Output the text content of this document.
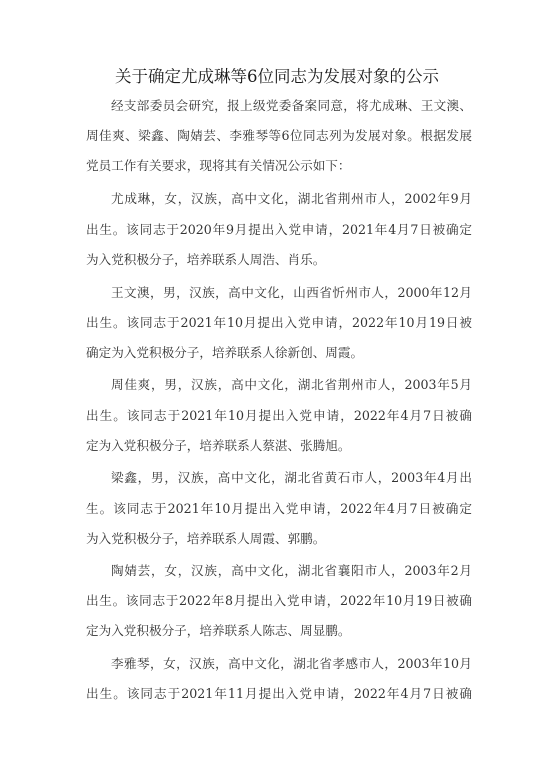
关于确定尤成琳等6位同志为发展对象的公示
经支部委员会研究，报上级党委备案同意，将尤成琳、王文澳、
周佳爽、梁鑫、陶婧芸、李雅琴等6位同志列为发展对象。根据发展
党员工作有关要求，现将其有关情况公示如下：
尤成琳，女，汉族，高中文化，湖北省荆州市人，2002年9月
出生。该同志于2020年9月提出入党申请，2021年4月7日被确定
为入党积极分子，培养联系人周浩、肖乐。
王文澳，男，汉族，高中文化，山西省忻州市人，2000年12月
出生。该同志于2021年10月提出入党申请，2022年10月19日被
确定为入党积极分子，培养联系人徐新创、周霞。
周佳爽，男，汉族，高中文化，湖北省荆州市人，2003年5月
出生。该同志于2021年10月提出入党申请，2022年4月7日被确
定为入党积极分子，培养联系人蔡湛、张腾旭。
梁鑫，男，汉族，高中文化，湖北省黄石市人，2003年4月出
生。该同志于2021年10月提出入党申请，2022年4月7日被确定
为入党积极分子，培养联系人周霞、郭鹏。
陶婧芸，女，汉族，高中文化，湖北省襄阳市人，2003年2月
出生。该同志于2022年8月提出入党申请，2022年10月19日被确
定为入党积极分子，培养联系人陈志、周显鹏。
李雅琴，女，汉族，高中文化，湖北省孝感市人，2003年10月
出生。该同志于2021年11月提出入党申请，2022年4月7日被确
